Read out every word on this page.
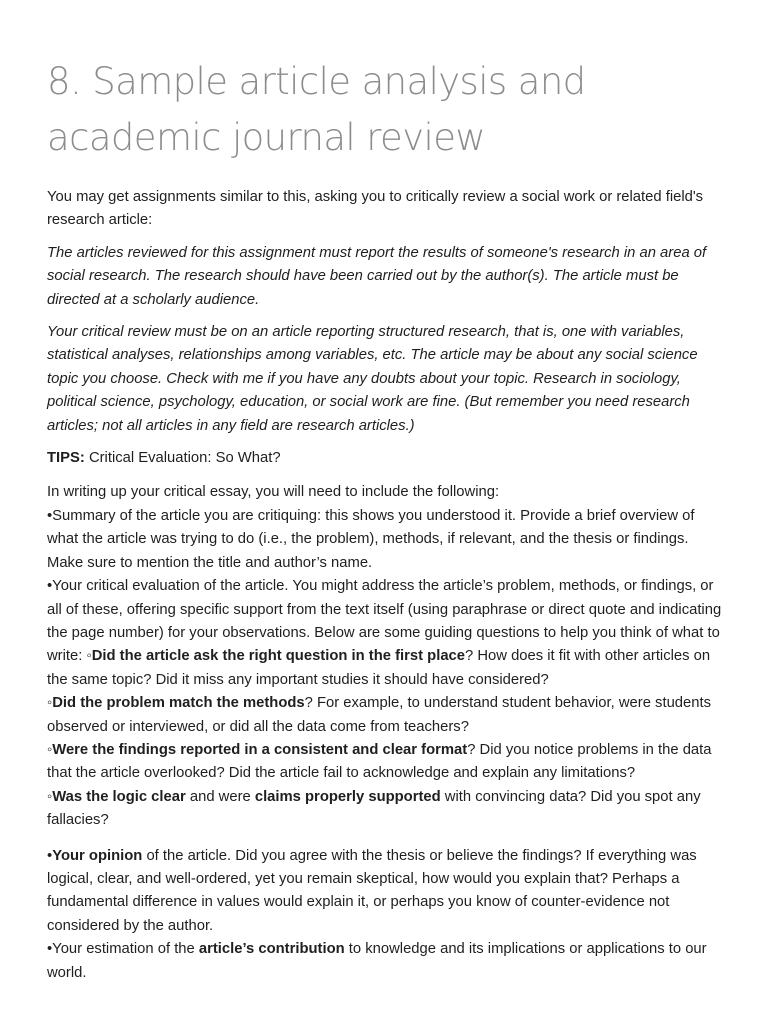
8. Sample article analysis and academic journal review

You may get assignments similar to this, asking you to critically review a social work or related field's research article:

The articles reviewed for this assignment must report the results of someone's research in an area of social research. The research should have been carried out by the author(s). The article must be directed at a scholarly audience.

Your critical review must be on an article reporting structured research, that is, one with variables, statistical analyses, relationships among variables, etc. The article may be about any social science topic you choose. Check with me if you have any doubts about your topic. Research in sociology, political science, psychology, education, or social work are fine. (But remember you need research articles; not all articles in any field are research articles.)

TIPS: Critical Evaluation: So What?

In writing up your critical essay, you will need to include the following:
•Summary of the article you are critiquing: this shows you understood it. Provide a brief overview of what the article was trying to do (i.e., the problem), methods, if relevant, and the thesis or findings. Make sure to mention the title and author’s name.
•Your critical evaluation of the article. You might address the article’s problem, methods, or findings, or all of these, offering specific support from the text itself (using paraphrase or direct quote and indicating the page number) for your observations. Below are some guiding questions to help you think of what to write: ◦Did the article ask the right question in the first place? How does it fit with other articles on the same topic? Did it miss any important studies it should have considered?
◦Did the problem match the methods? For example, to understand student behavior, were students observed or interviewed, or did all the data come from teachers?
◦Were the findings reported in a consistent and clear format? Did you notice problems in the data that the article overlooked? Did the article fail to acknowledge and explain any limitations?
◦Was the logic clear and were claims properly supported with convincing data? Did you spot any fallacies?

•Your opinion of the article. Did you agree with the thesis or believe the findings? If everything was logical, clear, and well-ordered, yet you remain skeptical, how would you explain that? Perhaps a fundamental difference in values would explain it, or perhaps you know of counter-evidence not considered by the author.
•Your estimation of the article’s contribution to knowledge and its implications or applications to our world.
